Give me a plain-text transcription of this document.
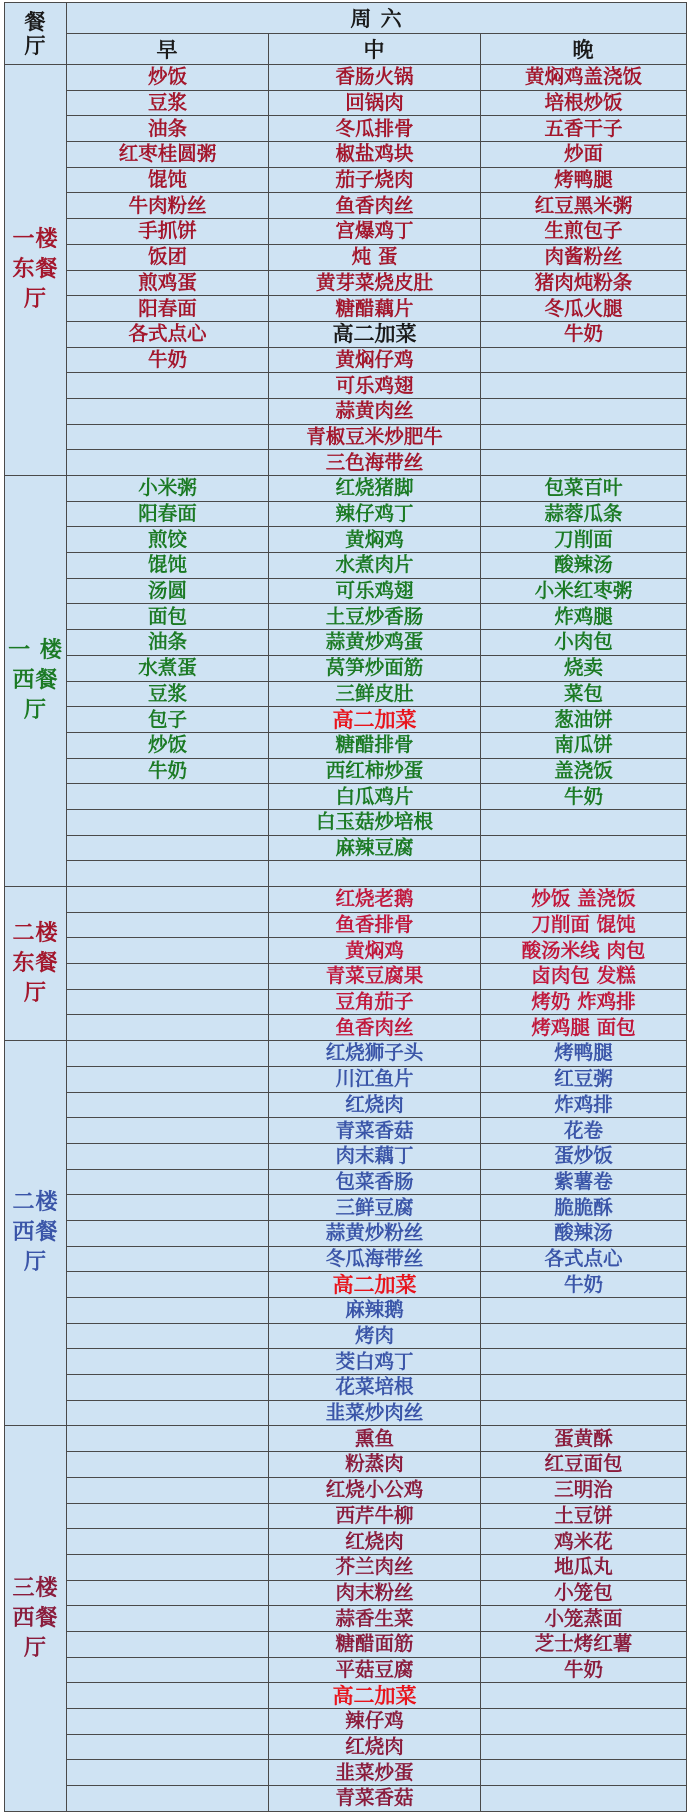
餐厅	周 六		
	早	中	晚

一楼
东餐
厅	炒饭	香肠火锅	黄焖鸡盖浇饭
	豆浆	回锅肉	培根炒饭
	油条	冬瓜排骨	五香干子
	红枣桂圆粥	椒盐鸡块	炒面
	馄饨	茄子烧肉	烤鸭腿
	牛肉粉丝	鱼香肉丝	红豆黑米粥
	手抓饼	宫爆鸡丁	生煎包子
	饭团	炖 蛋	肉酱粉丝
	煎鸡蛋	黄芽菜烧皮肚	猪肉炖粉条
	阳春面	糖醋藕片	冬瓜火腿
	各式点心	高二加菜	牛奶
	牛奶	黄焖仔鸡	
		可乐鸡翅	
		蒜黄肉丝	
		青椒豆米炒肥牛	
		三色海带丝	

一 楼
西餐
厅	小米粥	红烧猪脚	包菜百叶
	阳春面	辣仔鸡丁	蒜蓉瓜条
	煎饺	黄焖鸡	刀削面
	馄饨	水煮肉片	酸辣汤
	汤圆	可乐鸡翅	小米红枣粥
	面包	土豆炒香肠	炸鸡腿
	油条	蒜黄炒鸡蛋	小肉包
	水煮蛋	莴笋炒面筋	烧卖
	豆浆	三鲜皮肚	菜包
	包子	高二加菜	葱油饼
	炒饭	糖醋排骨	南瓜饼
	牛奶	西红柿炒蛋	盖浇饭
		白瓜鸡片	牛奶
		白玉菇炒培根	
		麻辣豆腐	

二楼
东餐
厅		红烧老鹅	炒饭 盖浇饭
		鱼香排骨	刀削面 馄饨
		黄焖鸡	酸汤米线 肉包
		青菜豆腐果	卤肉包 发糕
		豆角茄子	烤奶 炸鸡排
		鱼香肉丝	烤鸡腿 面包

二楼
西餐
厅		红烧狮子头	烤鸭腿
		川江鱼片	红豆粥
		红烧肉	炸鸡排
		青菜香菇	花卷
		肉末藕丁	蛋炒饭
		包菜香肠	紫薯卷
		三鲜豆腐	脆脆酥
		蒜黄炒粉丝	酸辣汤
		冬瓜海带丝	各式点心
		高二加菜	牛奶
		麻辣鹅	
		烤肉	
		茭白鸡丁	
		花菜培根	
		韭菜炒肉丝	

三楼
西餐
厅		熏鱼	蛋黄酥
		粉蒸肉	红豆面包
		红烧小公鸡	三明治
		西芹牛柳	土豆饼
		红烧肉	鸡米花
		芥兰肉丝	地瓜丸
		肉末粉丝	小笼包
		蒜香生菜	小笼蒸面
		糖醋面筋	芝士烤红薯
		平菇豆腐	牛奶
		高二加菜	
		辣仔鸡	
		红烧肉	
		韭菜炒蛋	
		青菜香菇	
